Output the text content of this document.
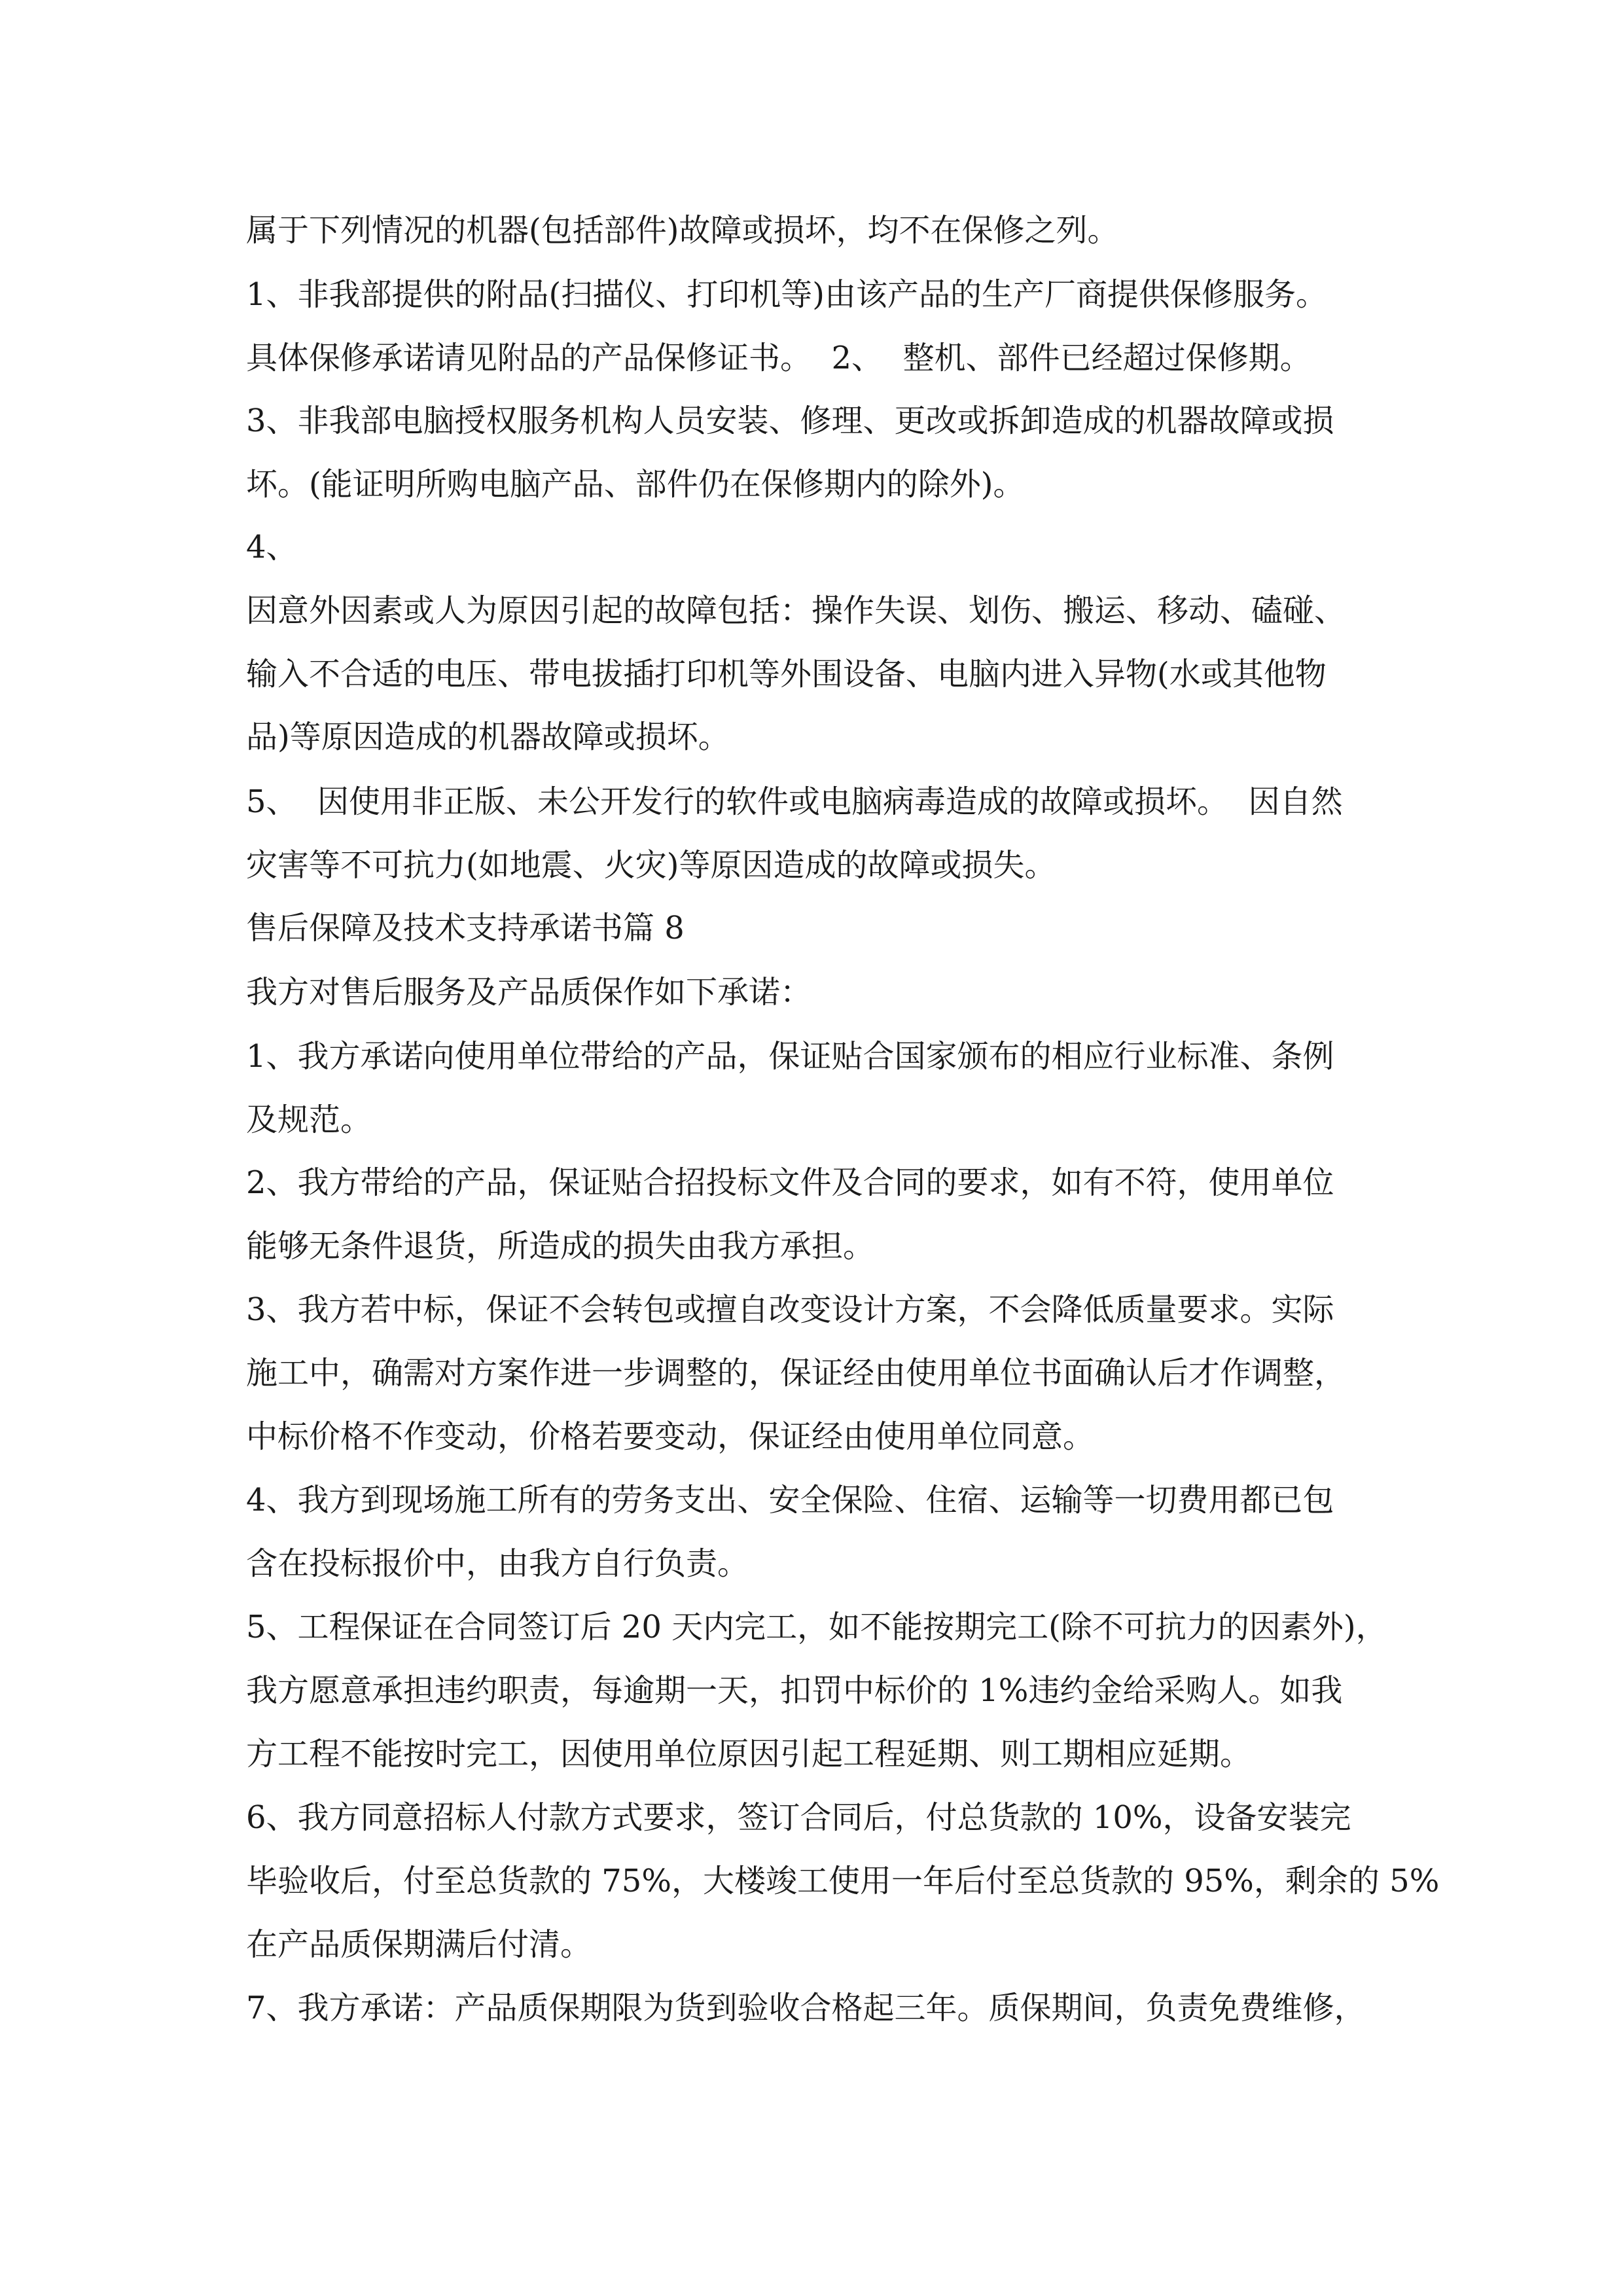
属于下列情况的机器(包括部件)故障或损坏，均不在保修之列。

1、非我部提供的附品(扫描仪、打印机等)由该产品的生产厂商提供保修服务。

具体保修承诺请见附品的产品保修证书。  2、  整机、部件已经超过保修期。

3、非我部电脑授权服务机构人员安装、修理、更改或拆卸造成的机器故障或损

坏。(能证明所购电脑产品、部件仍在保修期内的除外)。

4、

因意外因素或人为原因引起的故障包括：操作失误、划伤、搬运、移动、磕碰、

输入不合适的电压、带电拔插打印机等外围设备、电脑内进入异物(水或其他物

品)等原因造成的机器故障或损坏。

5、  因使用非正版、未公开发行的软件或电脑病毒造成的故障或损坏。  因自然

灾害等不可抗力(如地震、火灾)等原因造成的故障或损失。

售后保障及技术支持承诺书篇 8

我方对售后服务及产品质保作如下承诺：

1、我方承诺向使用单位带给的产品，保证贴合国家颁布的相应行业标准、条例

及规范。

2、我方带给的产品，保证贴合招投标文件及合同的要求，如有不符，使用单位

能够无条件退货，所造成的损失由我方承担。

3、我方若中标，保证不会转包或擅自改变设计方案，不会降低质量要求。实际

施工中，确需对方案作进一步调整的，保证经由使用单位书面确认后才作调整，

中标价格不作变动，价格若要变动，保证经由使用单位同意。

4、我方到现场施工所有的劳务支出、安全保险、住宿、运输等一切费用都已包

含在投标报价中，由我方自行负责。

5、工程保证在合同签订后 20 天内完工，如不能按期完工(除不可抗力的因素外)，

我方愿意承担违约职责，每逾期一天，扣罚中标价的 1%违约金给采购人。如我

方工程不能按时完工，因使用单位原因引起工程延期、则工期相应延期。

6、我方同意招标人付款方式要求，签订合同后，付总货款的 10%，设备安装完

毕验收后，付至总货款的 75%，大楼竣工使用一年后付至总货款的 95%，剩余的 5%

在产品质保期满后付清。

7、我方承诺：产品质保期限为货到验收合格起三年。质保期间，负责免费维修，
